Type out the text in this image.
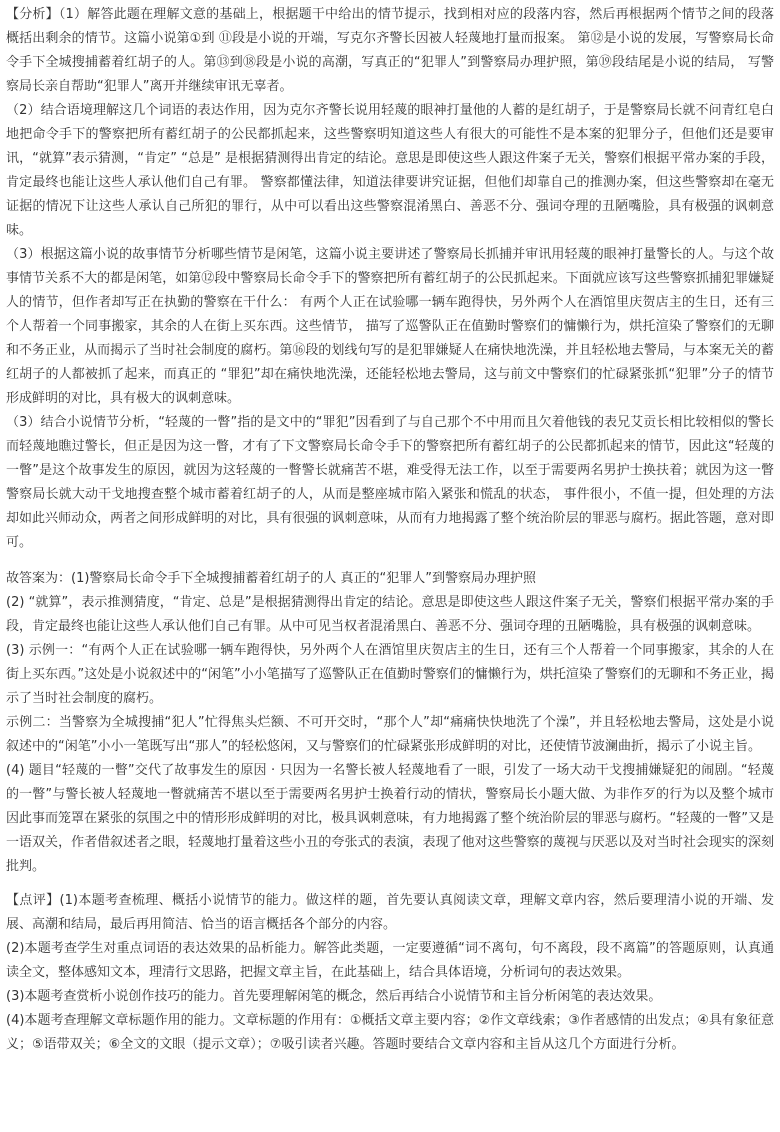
【分析】（1）解答此题在理解文意的基础上，根据题干中给出的情节提示，找到相对应的段落内容，然后再根据两个情节之间的段落概括出剩余的情节。这篇小说第①到 ⑪段是小说的开端，写克尔齐警长因被人轻蔑地打量而报案。 第⑫是小说的发展，写警察局长命令手下全城搜捕蓄着红胡子的人。第⑬到⑱段是小说的高潮，写真正的“犯罪人”到警察局办理护照，第⑲段结尾是小说的结局， 写警察局长亲自帮助“犯罪人”离开并继续审讯无辜者。

（2）结合语境理解这几个词语的表达作用，因为克尔齐警长说用轻蔑的眼神打量他的人蓄的是红胡子，于是警察局长就不问青红皂白地把命令手下的警察把所有蓄红胡子的公民都抓起来，这些警察明知道这些人有很大的可能性不是本案的犯罪分子，但他们还是要审讯，“就算”表示猜测，“肯定” “总是” 是根据猜测得出肯定的结论。意思是即使这些人跟这件案子无关，警察们根据平常办案的手段，肯定最终也能让这些人承认他们自己有罪。 警察都懂法律，知道法律要讲究证据，但他们却靠自己的推测办案，但这些警察却在毫无证据的情况下让这些人承认自己所犯的罪行，从中可以看出这些警察混淆黑白、善恶不分、强词夺理的丑陋嘴脸，具有极强的讽刺意味。

（3）根据这篇小说的故事情节分析哪些情节是闲笔，这篇小说主要讲述了警察局长抓捕并审讯用轻蔑的眼神打量警长的人。与这个故事情节关系不大的都是闲笔，如第⑫段中警察局长命令手下的警察把所有蓄红胡子的公民抓起来。下面就应该写这些警察抓捕犯罪嫌疑人的情节，但作者却写正在执勤的警察在干什么： 有两个人正在试验哪一辆车跑得快，另外两个人在酒馆里庆贺店主的生日，还有三个人帮着一个同事搬家，其余的人在街上买东西。这些情节， 描写了巡警队正在值勤时警察们的慵懒行为，烘托渲染了警察们的无聊和不务正业，从而揭示了当时社会制度的腐朽。第⑯段的划线句写的是犯罪嫌疑人在痛快地洗澡，并且轻松地去警局，与本案无关的蓄红胡子的人都被抓了起来，而真正的 “罪犯”却在痛快地洗澡，还能轻松地去警局，这与前文中警察们的忙碌紧张抓“犯罪”分子的情节形成鲜明的对比，具有极大的讽刺意味。

（3）结合小说情节分析，“轻蔑的一瞥”指的是文中的“罪犯”因看到了与自己那个不中用而且欠着他钱的表兄艾贡长相比较相似的警长而轻蔑地瞧过警长，但正是因为这一瞥，才有了下文警察局长命令手下的警察把所有蓄红胡子的公民都抓起来的情节，因此这“轻蔑的一瞥”是这个故事发生的原因，就因为这轻蔑的一瞥警长就痛苦不堪，难受得无法工作，以至于需要两名男护士换扶着；就因为这一瞥警察局长就大动干戈地搜查整个城市蓄着红胡子的人，从而是整座城市陷入紧张和慌乱的状态， 事件很小，不值一提，但处理的方法却如此兴师动众，两者之间形成鲜明的对比，具有很强的讽刺意味，从而有力地揭露了整个统治阶层的罪恶与腐朽。据此答题，意对即可。

故答案为：(1)警察局长命令手下全城搜捕蓄着红胡子的人 真正的“犯罪人”到警察局办理护照

(2) “就算”，表示推测猜度，“肯定、总是”是根据猜测得出肯定的结论。意思是即使这些人跟这件案子无关，警察们根据平常办案的手段，肯定最终也能让这些人承认他们自己有罪。从中可见当权者混淆黑白、善恶不分、强词夺理的丑陋嘴脸，具有极强的讽刺意味。

(3) 示例一：“有两个人正在试验哪一辆车跑得快，另外两个人在酒馆里庆贺店主的生日，还有三个人帮着一个同事搬家，其余的人在街上买东西。”这处是小说叙述中的“闲笔”小小笔描写了巡警队正在值勤时警察们的慵懒行为，烘托渲染了警察们的无聊和不务正业，揭示了当时社会制度的腐朽。

示例二：当警察为全城搜捕“犯人”忙得焦头烂额、不可开交时，“那个人”却“痛痛快快地洗了个澡”，并且轻松地去警局，这处是小说叙述中的“闲笔”小小一笔既写出“那人”的轻松悠闲，又与警察们的忙碌紧张形成鲜明的对比，还使情节波澜曲折，揭示了小说主旨。

(4) 题目“轻蔑的一瞥”交代了故事发生的原因 · 只因为一名警长被人轻蔑地看了一眼，引发了一场大动干戈搜捕嫌疑犯的闹剧。“轻蔑的一瞥”与警长被人轻蔑地一瞥就痛苦不堪以至于需要两名男护士换着行动的情状，警察局长小题大做、为非作歹的行为以及整个城市因此事而笼罩在紧张的氛围之中的情形形成鲜明的对比，极具讽刺意味，有力地揭露了整个统治阶层的罪恶与腐朽。“轻蔑的一瞥”又是一语双关，作者借叙述者之眼，轻蔑地打量着这些小丑的夸张式的表演，表现了他对这些警察的蔑视与厌恶以及对当时社会现实的深刻批判。

【点评】(1)本题考查梳理、概括小说情节的能力。做这样的题，首先要认真阅读文章，理解文章内容，然后要理清小说的开端、发展、高潮和结局，最后再用简洁、恰当的语言概括各个部分的内容。

(2)本题考查学生对重点词语的表达效果的品析能力。解答此类题，一定要遵循“词不离句，句不离段，段不离篇”的答题原则，认真通读全文，整体感知文本，理清行文思路，把握文章主旨，在此基础上，结合具体语境，分析词句的表达效果。

(3)本题考查赏析小说创作技巧的能力。首先要理解闲笔的概念，然后再结合小说情节和主旨分析闲笔的表达效果。

(4)本题考查理解文章标题作用的能力。文章标题的作用有：①概括文章主要内容；②作文章线索；③作者感情的出发点；④具有象征意义；⑤语带双关；⑥全文的文眼（提示文章）；⑦吸引读者兴趣。答题时要结合文章内容和主旨从这几个方面进行分析。
